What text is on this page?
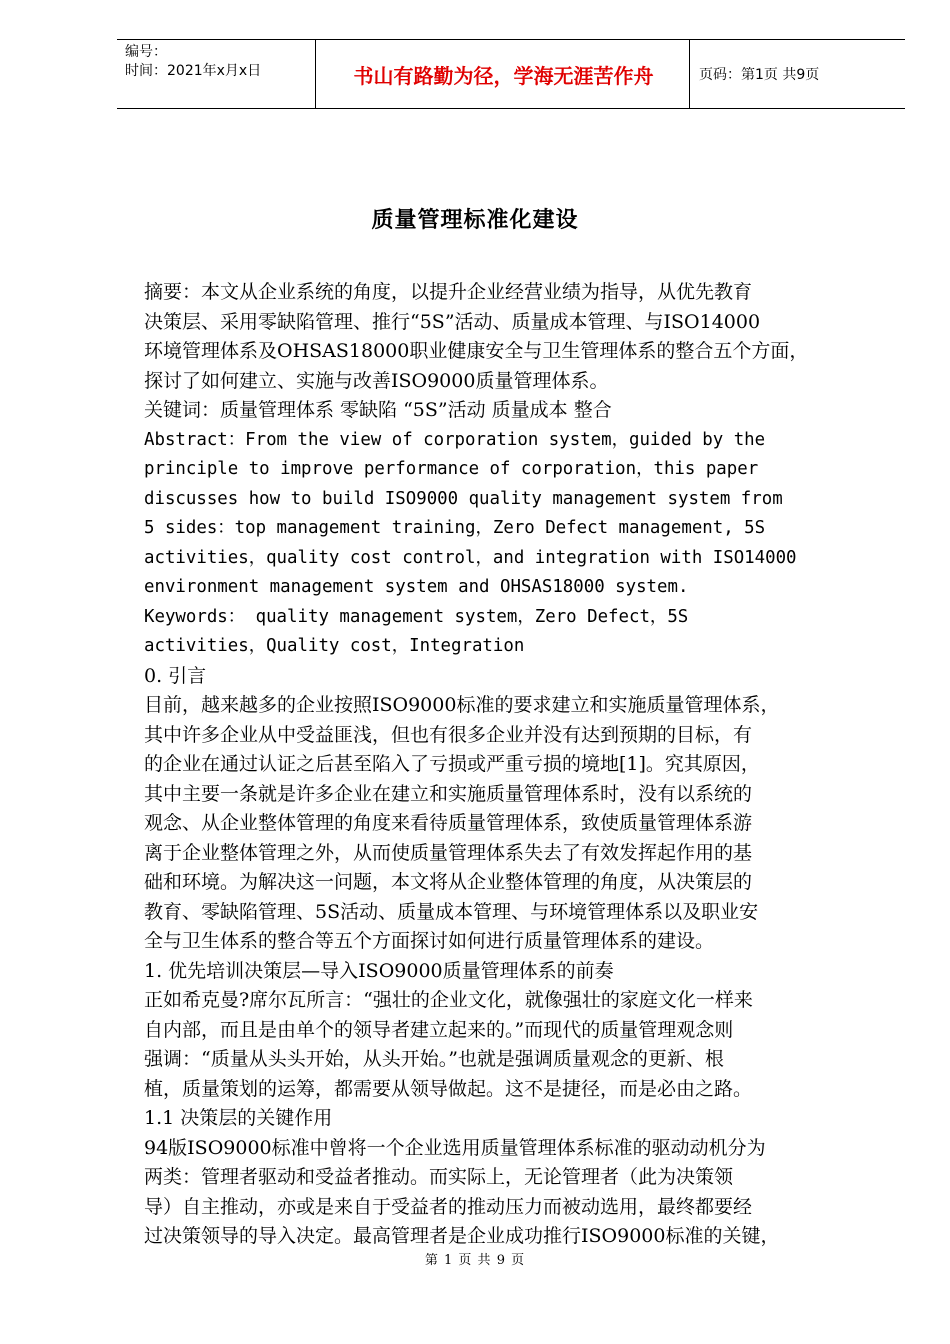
编号：
时间：2021年x月x日	书山有路勤为径，学海无涯苦作舟	页码：第1页 共9页
质量管理标准化建设
摘要：本文从企业系统的角度，以提升企业经营业绩为指导，从优先教育
决策层、采用零缺陷管理、推行“5S”活动、质量成本管理、与ISO14000
环境管理体系及OHSAS18000职业健康安全与卫生管理体系的整合五个方面，
探讨了如何建立、实施与改善ISO9000质量管理体系。
关键词：质量管理体系 零缺陷 “5S”活动 质量成本 整合
Abstract：From the view of corporation system，guided by the
principle to improve performance of corporation，this paper
discusses how to build ISO9000 quality management system from
5 sides：top management training，Zero Defect management, 5S
activities，quality cost control，and integration with ISO14000
environment management system and OHSAS18000 system.
Keywords： quality management system，Zero Defect，5S
activities，Quality cost，Integration
0. 引言
目前，越来越多的企业按照ISO9000标准的要求建立和实施质量管理体系，
其中许多企业从中受益匪浅，但也有很多企业并没有达到预期的目标，有
的企业在通过认证之后甚至陷入了亏损或严重亏损的境地[1]。究其原因，
其中主要一条就是许多企业在建立和实施质量管理体系时，没有以系统的
观念、从企业整体管理的角度来看待质量管理体系，致使质量管理体系游
离于企业整体管理之外，从而使质量管理体系失去了有效发挥起作用的基
础和环境。为解决这一问题，本文将从企业整体管理的角度，从决策层的
教育、零缺陷管理、5S活动、质量成本管理、与环境管理体系以及职业安
全与卫生体系的整合等五个方面探讨如何进行质量管理体系的建设。
1. 优先培训决策层—导入ISO9000质量管理体系的前奏
正如希克曼?席尔瓦所言：“强壮的企业文化，就像强壮的家庭文化一样来
自内部，而且是由单个的领导者建立起来的。”而现代的质量管理观念则
强调：“质量从头头开始，从头开始。”也就是强调质量观念的更新、根
植，质量策划的运筹，都需要从领导做起。这不是捷径，而是必由之路。
1.1 决策层的关键作用
94版ISO9000标准中曾将一个企业选用质量管理体系标准的驱动动机分为
两类：管理者驱动和受益者推动。而实际上，无论管理者（此为决策领
导）自主推动，亦或是来自于受益者的推动压力而被动选用，最终都要经
过决策领导的导入决定。最高管理者是企业成功推行ISO9000标准的关键，
第 1 页 共 9 页
